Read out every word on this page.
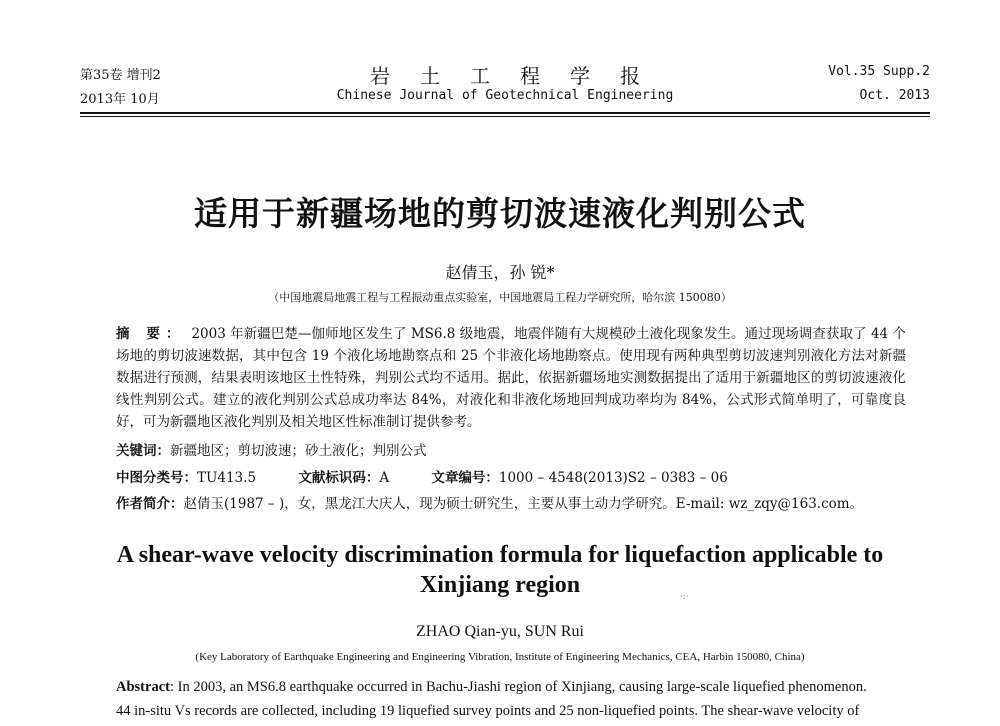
第35卷 增刊2
2013年 10月
岩土工程学报
Chinese Journal of Geotechnical Engineering
Vol.35 Supp.2
Oct. 2013
适用于新疆场地的剪切波速液化判别公式
赵倩玉，孙 锐*
（中国地震局地震工程与工程振动重点实验室，中国地震局工程力学研究所，哈尔滨 150080）
摘 要： 2003 年新疆巴楚—伽师地区发生了 MS6.8 级地震，地震伴随有大规模砂土液化现象发生。通过现场调查获取了 44 个场地的剪切波速数据，其中包含 19 个液化场地勘察点和 25 个非液化场地勘察点。使用现有两种典型剪切波速判别液化方法对新疆数据进行预测，结果表明该地区土性特殊，判别公式均不适用。据此，依据新疆场地实测数据提出了适用于新疆地区的剪切波速液化线性判别公式。建立的液化判别公式总成功率达 84%，对液化和非液化场地回判成功率均为 84%，公式形式简单明了，可靠度良好，可为新疆地区液化判别及相关地区性标准制订提供参考。
关键词：新疆地区；剪切波速；砂土液化；判别公式
中图分类号：TU413.5	文献标识码：A	文章编号：1000 – 4548(2013)S2 – 0383 – 06
作者简介：赵倩玉(1987 – )，女，黑龙江大庆人，现为硕士研究生，主要从事土动力学研究。E-mail: wz_zqy@163.com。
A shear-wave velocity discrimination formula for liquefaction applicable to
Xinjiang region	·:·
ZHAO Qian-yu, SUN Rui
(Key Laboratory of Earthquake Engineering and Engineering Vibration, Institute of Engineering Mechanics, CEA, Harbin 150080, China)
Abstract: In 2003, an MS6.8 earthquake occurred in Bachu-Jiashi region of Xinjiang, causing large-scale liquefied phenomenon.
44 in-situ Vs records are collected, including 19 liquefied survey points and 25 non-liquefied points. The shear-wave velocity of
